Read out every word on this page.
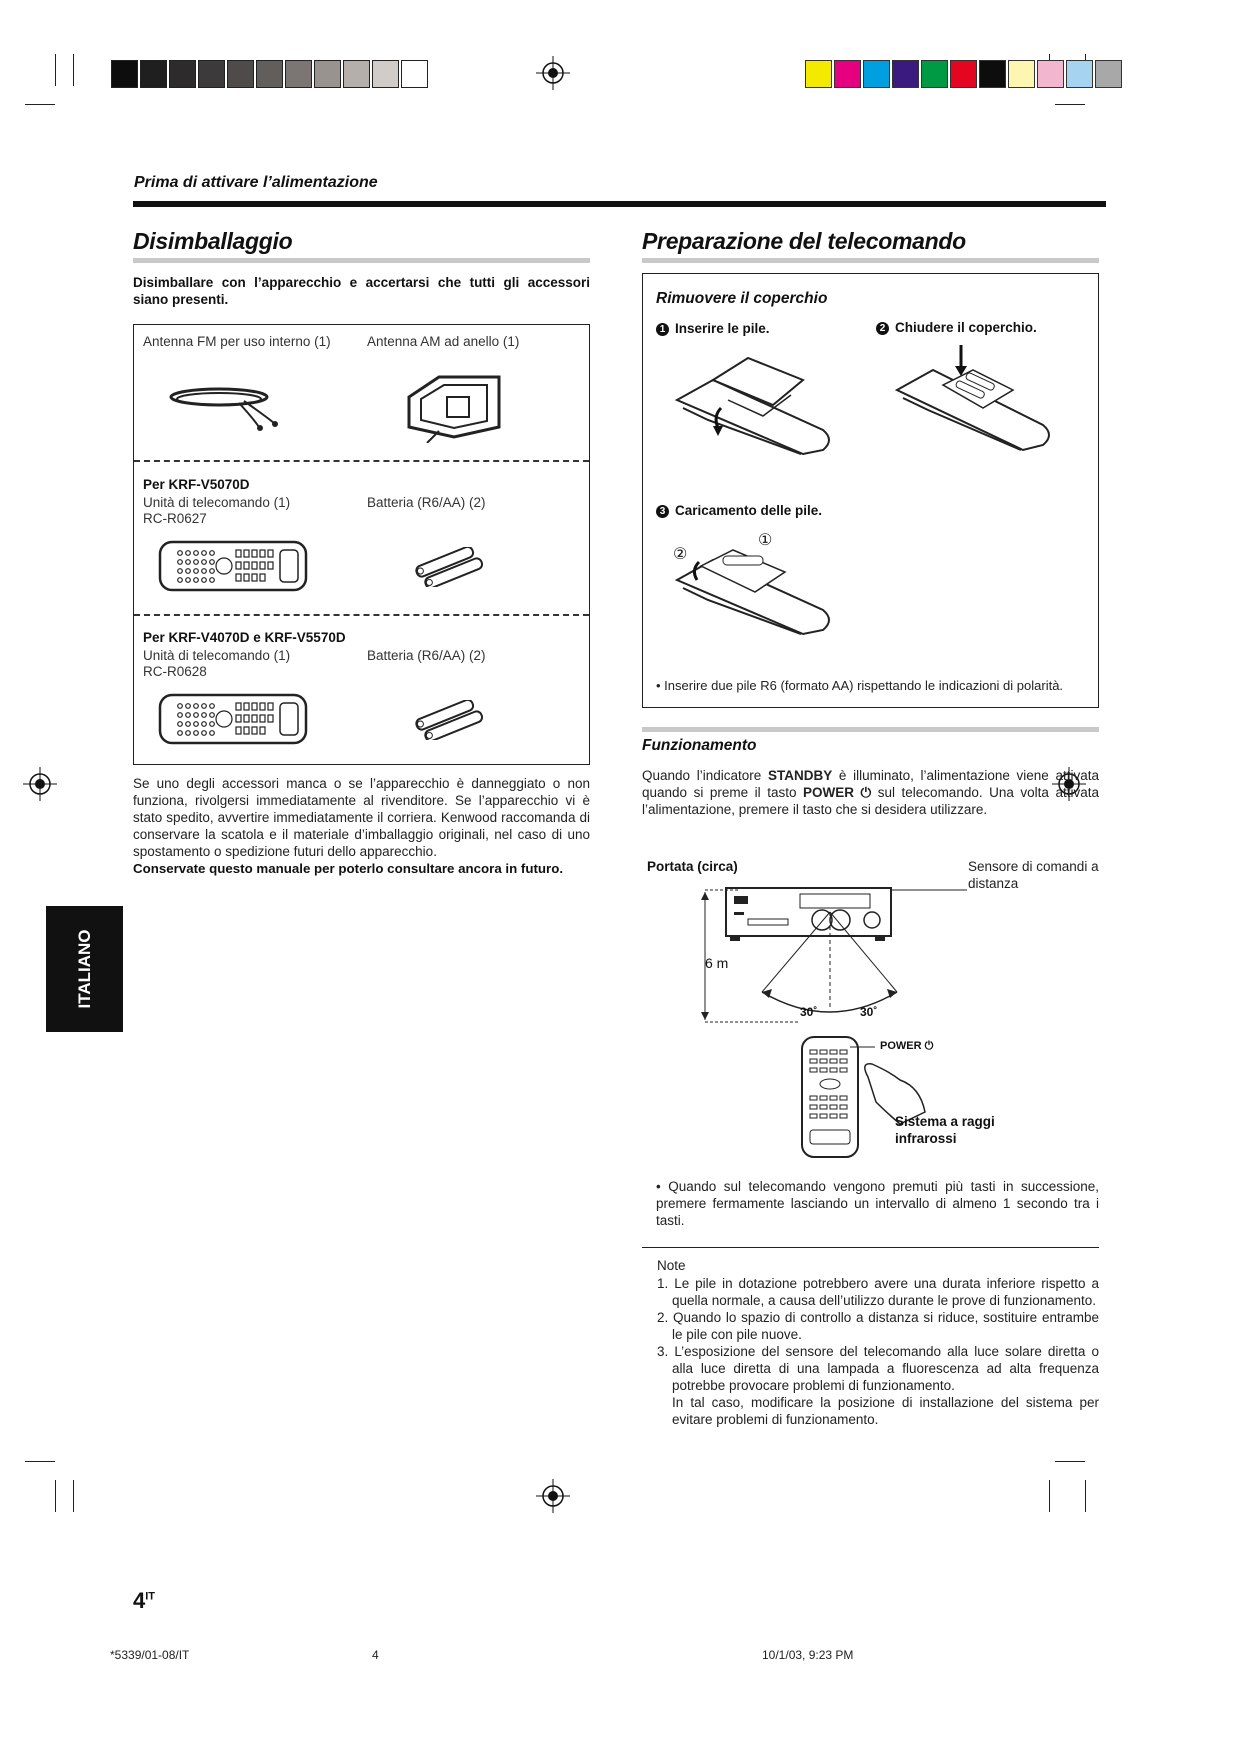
Prima di attivare l’alimentazione
Disimballaggio
Disimballare con l’apparecchio e accertarsi che tutti gli accessori siano presenti.
Antenna FM per uso interno (1)	Antenna AM ad anello (1)
Per KRF-V5070D
Unità di telecomando (1)
RC-R0627
Batteria (R6/AA) (2)
Per KRF-V4070D e KRF-V5570D
Unità di telecomando (1)
RC-R0628
Batteria (R6/AA) (2)
Se uno degli accessori manca o se l’apparecchio è danneggiato o non funziona, rivolgersi immediatamente al rivenditore. Se l’apparecchio vi è stato spedito, avvertire immediatamente il corriera. Kenwood raccomanda di conservare la scatola e il materiale d’imballaggio originali, nel caso di uno spostamento o spedizione futuri dello apparecchio.
Conservate questo manuale per poterlo consultare ancora in futuro.
ITALIANO
Preparazione del telecomando
Rimuovere il coperchio
1 Inserire le pile.	2 Chiudere il coperchio.
3 Caricamento delle pile.
①
②
• Inserire due pile R6 (formato AA) rispettando le indicazioni di polarità.
Funzionamento
Quando l’indicatore STANDBY è illuminato, l’alimentazione viene attivata quando si preme il tasto POWER ⏻ sul telecomando. Una volta attivata l’alimentazione, premere il tasto che si desidera utilizzare.
Portata (circa)	Sensore di comandi a distanza
6 m
30˚	30˚
POWER ⏻
Sistema a raggi infrarossi
• Quando sul telecomando vengono premuti più tasti in successione, premere fermamente lasciando un intervallo di almeno 1 secondo tra i tasti.
Note
1. Le pile in dotazione potrebbero avere una durata inferiore rispetto a quella normale, a causa dell’utilizzo durante le prove di funzionamento.
2. Quando lo spazio di controllo a distanza si riduce, sostituire entrambe le pile con pile nuove.
3. L’esposizione del sensore del telecomando alla luce solare diretta o alla luce diretta di una lampada a fluorescenza ad alta frequenza potrebbe provocare problemi di funzionamento.
In tal caso, modificare la posizione di installazione del sistema per evitare problemi di funzionamento.
$4^{IT}$
*5339/01-08/IT	4	10/1/03, 9:23 PM
